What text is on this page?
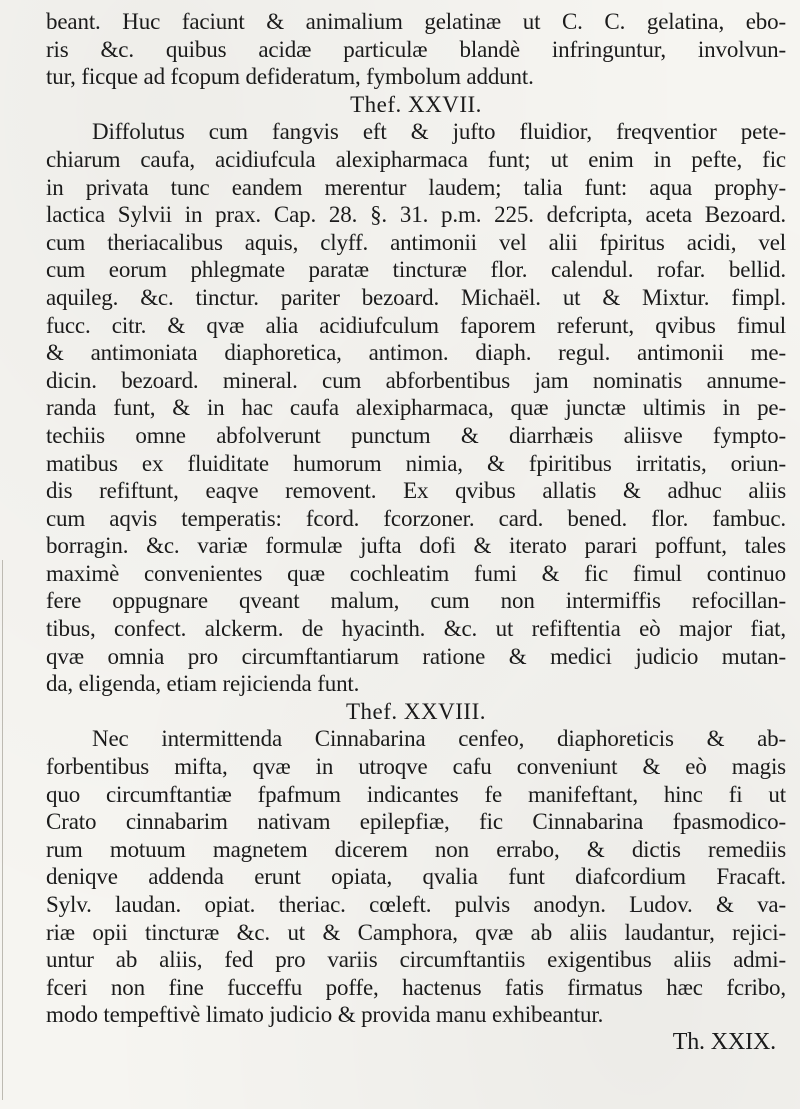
beant. Huc faciunt & animalium gelatinæ ut C. C. gelatina, ebo-
ris &c. quibus acidæ particulæ blandè infringuntur, involvun-
tur, ficque ad fcopum defideratum, fymbolum addunt.
Thef. XXVII.
Diffolutus cum fangvis eft & jufto fluidior, freqventior pete-
chiarum caufa, acidiufcula alexipharmaca funt; ut enim in pefte, fic
in privata tunc eandem merentur laudem; talia funt: aqua prophy-
lactica Sylvii in prax. Cap. 28. §. 31. p.m. 225. defcripta, aceta Bezoard.
cum theriacalibus aquis, clyff. antimonii vel alii fpiritus acidi, vel
cum eorum phlegmate paratæ tincturæ flor. calendul. rofar. bellid.
aquileg. &c. tinctur. pariter bezoard. Michaël. ut & Mixtur. fimpl.
fucc. citr. & qvæ alia acidiufculum faporem referunt, qvibus fimul
& antimoniata diaphoretica, antimon. diaph. regul. antimonii me-
dicin. bezoard. mineral. cum abforbentibus jam nominatis annume-
randa funt, & in hac caufa alexipharmaca, quæ junctæ ultimis in pe-
techiis omne abfolverunt punctum & diarrhæis aliisve fympto-
matibus ex fluiditate humorum nimia, & fpiritibus irritatis, oriun-
dis refiftunt, eaqve removent. Ex qvibus allatis & adhuc aliis
cum aqvis temperatis: fcord. fcorzoner. card. bened. flor. fambuc.
borragin. &c. variæ formulæ jufta dofi & iterato parari poffunt, tales
maximè convenientes quæ cochleatim fumi & fic fimul continuo
fere oppugnare qveant malum, cum non intermiffis refocillan-
tibus, confect. alckerm. de hyacinth. &c. ut refiftentia eò major fiat,
qvæ omnia pro circumftantiarum ratione & medici judicio mutan-
da, eligenda, etiam rejicienda funt.
Thef. XXVIII.
Nec intermittenda Cinnabarina cenfeo, diaphoreticis & ab-
forbentibus mifta, qvæ in utroqve cafu conveniunt & eò magis
quo circumftantiæ fpafmum indicantes fe manifeftant, hinc fi ut
Crato cinnabarim nativam epilepfiæ, fic Cinnabarina fpasmodico-
rum motuum magnetem dicerem non errabo, & dictis remediis
deniqve addenda erunt opiata, qvalia funt diafcordium Fracaft.
Sylv. laudan. opiat. theriac. cœleft. pulvis anodyn. Ludov. & va-
riæ opii tincturæ &c. ut & Camphora, qvæ ab aliis laudantur, rejici-
untur ab aliis, fed pro variis circumftantiis exigentibus aliis admi-
fceri non fine fucceffu poffe, hactenus fatis firmatus hæc fcribo,
modo tempeftivè limato judicio & provida manu exhibeantur.
Th. XXIX.
